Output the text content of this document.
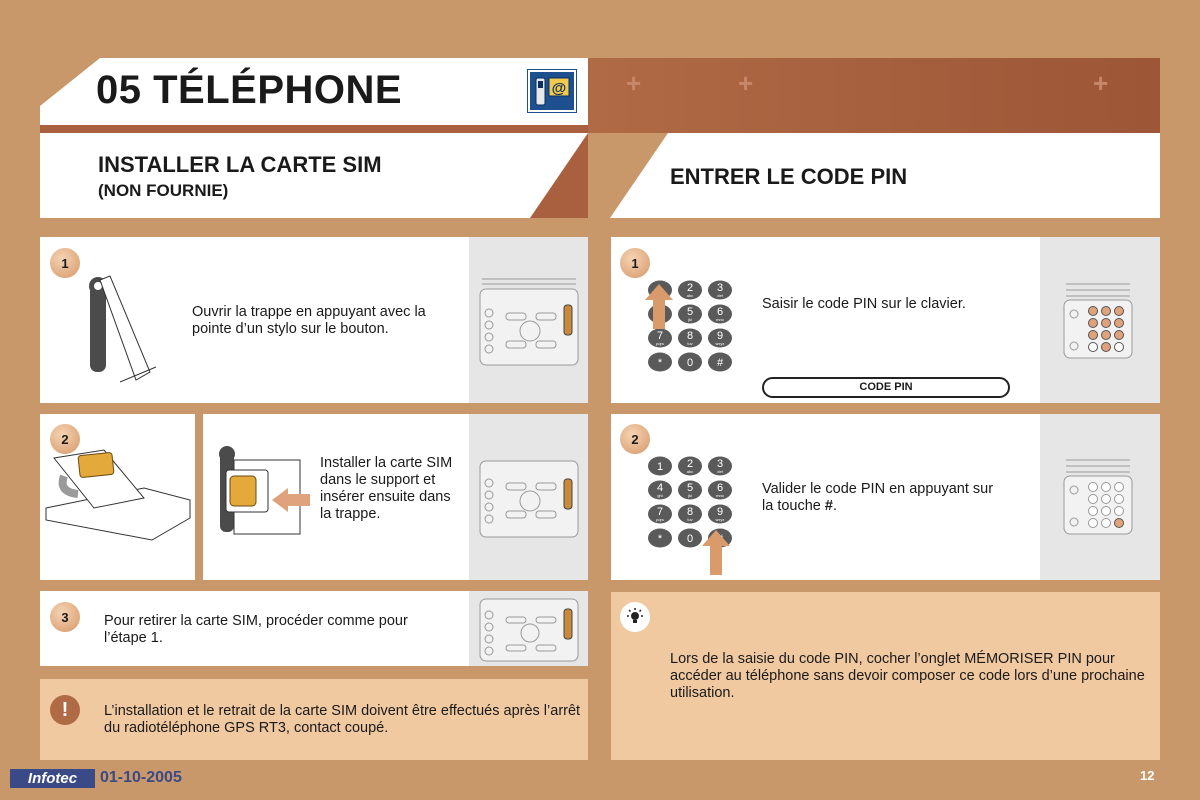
+	+	+
05 TÉLÉPHONE	@
INSTALLER LA CARTE SIM
(NON FOURNIE)
ENTRER LE CODE PIN
1
Ouvrir la trappe en appuyant avec la pointe d’un stylo sur le bouton.
2
Installer la carte SIM dans le support et insérer ensuite dans la trappe.
3	Pour retirer la carte SIM, procéder comme pour l’étape 1.
!	L’installation et le retrait de la carte SIM doivent être effectués après l’arrêt du radiotéléphone GPS RT3, contact coupé.
1
2
abc
3
def
5
jkl
6
mno
7
pqrs
8
tuv
9
wxyz
* 0 #
Saisir le code PIN sur le clavier.
CODE PIN
2
1 2
abc
3
def
4
ghi
5
jkl
6
mno
7
pqrs
8
tuv
9
wxyz
* 0
Valider le code PIN en appuyant sur la touche #.
Lors de la saisie du code PIN, cocher l’onglet MÉMORISER PIN pour accéder au téléphone sans devoir composer ce code lors d’une prochaine utilisation.
Infotec	01-10-2005	12
